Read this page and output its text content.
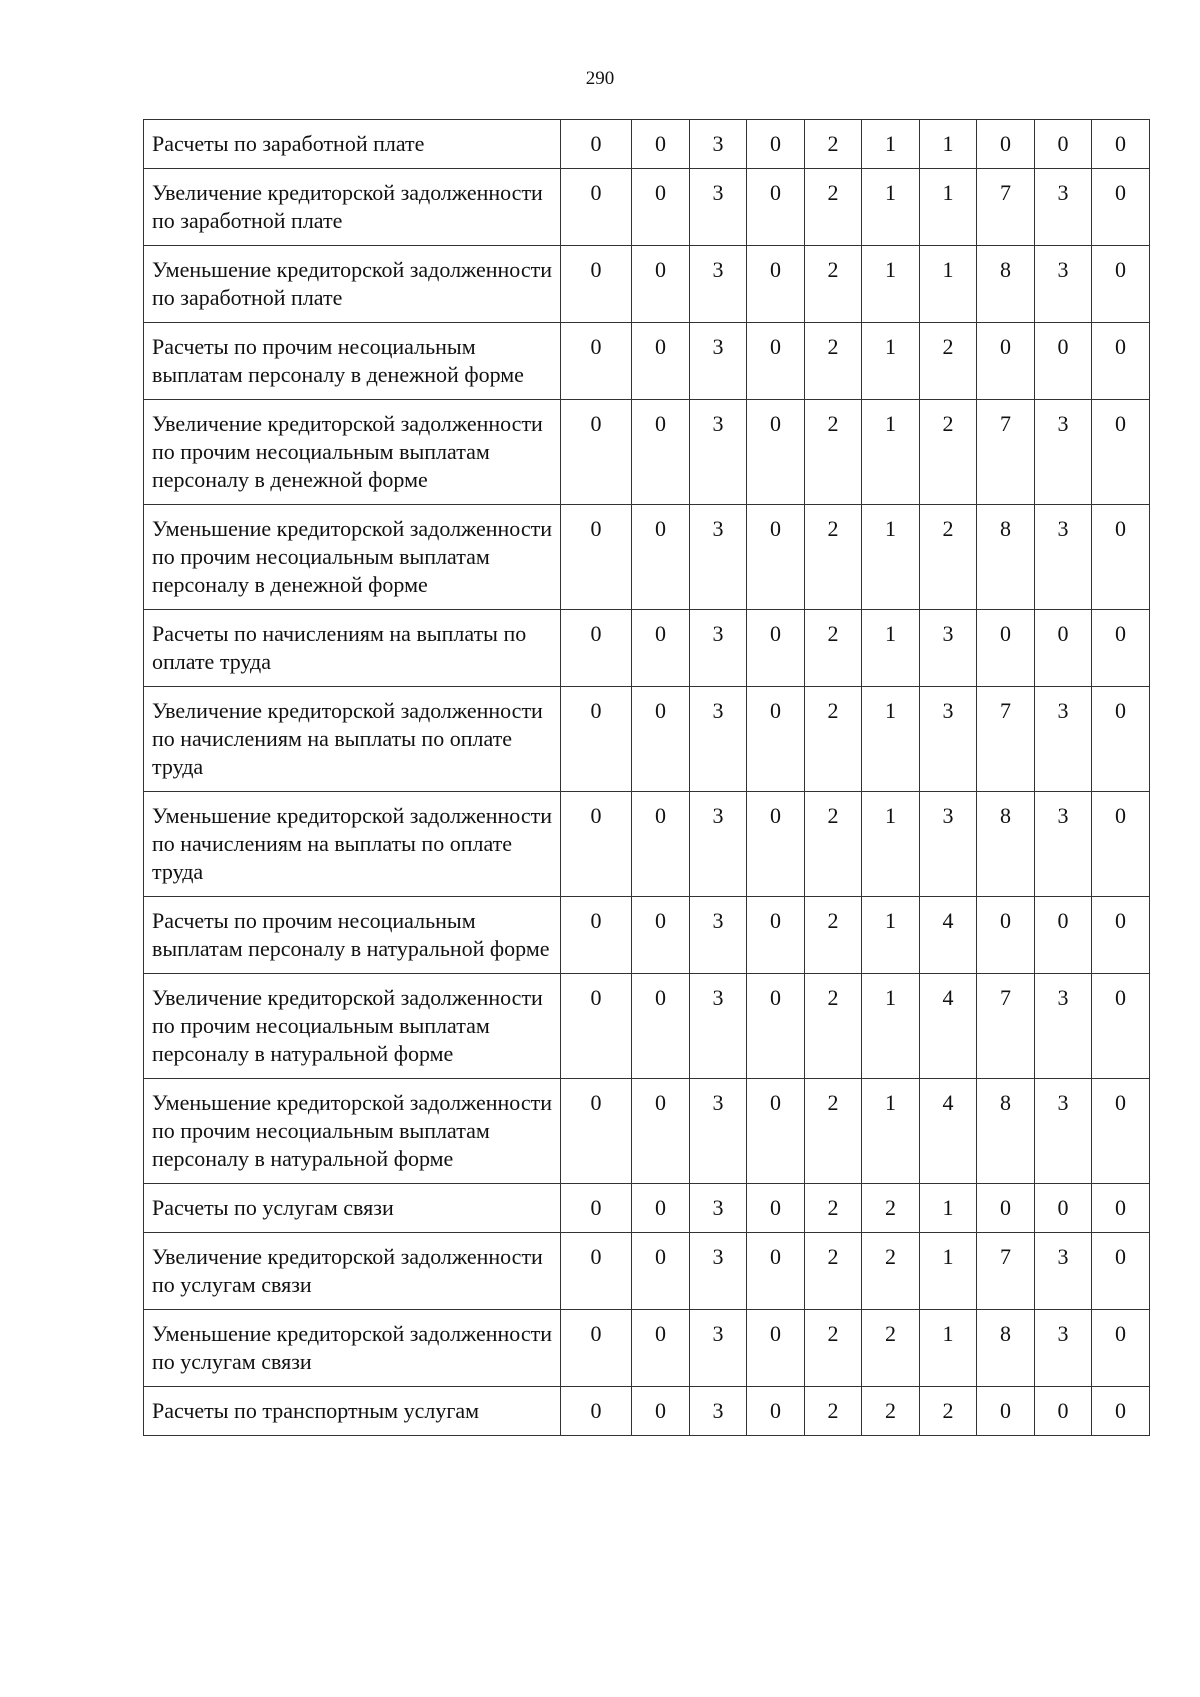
290
Расчеты по заработной плате	0	0	3	0	2	1	1	0	0	0
Увеличение кредиторской задолженности по заработной плате	0	0	3	0	2	1	1	7	3	0
Уменьшение кредиторской задолженности по заработной плате	0	0	3	0	2	1	1	8	3	0
Расчеты по прочим несоциальным выплатам персоналу в денежной форме	0	0	3	0	2	1	2	0	0	0
Увеличение кредиторской задолженности по прочим несоциальным выплатам персоналу в денежной форме	0	0	3	0	2	1	2	7	3	0
Уменьшение кредиторской задолженности по прочим несоциальным выплатам персоналу в денежной форме	0	0	3	0	2	1	2	8	3	0
Расчеты по начислениям на выплаты по оплате труда	0	0	3	0	2	1	3	0	0	0
Увеличение кредиторской задолженности по начислениям на выплаты по оплате труда	0	0	3	0	2	1	3	7	3	0
Уменьшение кредиторской задолженности по начислениям на выплаты по оплате труда	0	0	3	0	2	1	3	8	3	0
Расчеты по прочим несоциальным выплатам персоналу в натуральной форме	0	0	3	0	2	1	4	0	0	0
Увеличение кредиторской задолженности по прочим несоциальным выплатам персоналу в натуральной форме	0	0	3	0	2	1	4	7	3	0
Уменьшение кредиторской задолженности по прочим несоциальным выплатам персоналу в натуральной форме	0	0	3	0	2	1	4	8	3	0
Расчеты по услугам связи	0	0	3	0	2	2	1	0	0	0
Увеличение кредиторской задолженности по услугам связи	0	0	3	0	2	2	1	7	3	0
Уменьшение кредиторской задолженности по услугам связи	0	0	3	0	2	2	1	8	3	0
Расчеты по транспортным услугам	0	0	3	0	2	2	2	0	0	0
